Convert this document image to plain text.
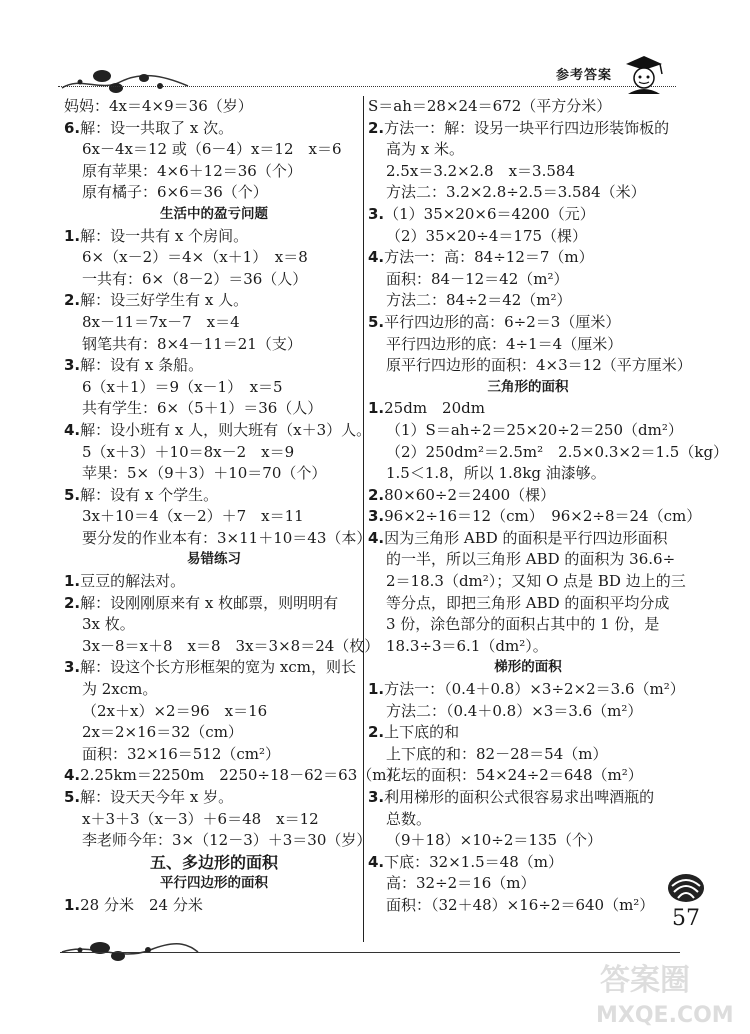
参考答案
妈妈：4x＝4×9＝36（岁）
6.解：设一共取了 x 次。
6x－4x＝12 或（6－4）x＝12　x＝6
原有苹果：4×6＋12＝36（个）
原有橘子：6×6＝36（个）
生活中的盈亏问题
1.解：设一共有 x 个房间。
6×（x－2）＝4×（x＋1）　x＝8
一共有：6×（8－2）＝36（人）
2.解：设三好学生有 x 人。
8x－11＝7x－7　x＝4
钢笔共有：8×4－11＝21（支）
3.解：设有 x 条船。
6（x＋1）＝9（x－1）　x＝5
共有学生：6×（5＋1）＝36（人）
4.解：设小班有 x 人，则大班有（x＋3）人。
5（x＋3）＋10＝8x－2　x＝9
苹果：5×（9＋3）＋10＝70（个）
5.解：设有 x 个学生。
3x＋10＝4（x－2）＋7　x＝11
要分发的作业本有：3×11＋10＝43（本）
易错练习
1.豆豆的解法对。
2.解：设刚刚原来有 x 枚邮票，则明明有
3x 枚。
3x－8＝x＋8　x＝8　3x＝3×8＝24（枚）
3.解：设这个长方形框架的宽为 xcm，则长
为 2xcm。
（2x＋x）×2＝96　x＝16
2x＝2×16＝32（cm）
面积：32×16＝512（cm²）
4.2.25km＝2250m　2250÷18－62＝63（m）
5.解：设天天今年 x 岁。
x＋3＋3（x－3）＋6＝48　x＝12
李老师今年：3×（12－3）＋3＝30（岁）
五、多边形的面积
平行四边形的面积
1.28 分米　24 分米
S＝ah＝28×24＝672（平方分米）
2.方法一：解：设另一块平行四边形装饰板的
高为 x 米。
2.5x＝3.2×2.8　x＝3.584
方法二：3.2×2.8÷2.5＝3.584（米）
3.（1）35×20×6＝4200（元）
（2）35×20÷4＝175（棵）
4.方法一：高：84÷12＝7（m）
面积：84－12＝42（m²）
方法二：84÷2＝42（m²）
5.平行四边形的高：6÷2＝3（厘米）
平行四边形的底：4÷1＝4（厘米）
原平行四边形的面积：4×3＝12（平方厘米）
三角形的面积
1.25dm　20dm
（1）S＝ah÷2＝25×20÷2＝250（dm²）
（2）250dm²＝2.5m²　2.5×0.3×2＝1.5（kg）
1.5＜1.8，所以 1.8kg 油漆够。
2.80×60÷2＝2400（棵）
3.96×2÷16＝12（cm）　96×2÷8＝24（cm）
4.因为三角形 ABD 的面积是平行四边形面积
的一半，所以三角形 ABD 的面积为 36.6÷
2＝18.3（dm²）；又知 O 点是 BD 边上的三
等分点，即把三角形 ABD 的面积平均分成
3 份，涂色部分的面积占其中的 1 份，是
18.3÷3＝6.1（dm²）。
梯形的面积
1.方法一：（0.4＋0.8）×3÷2×2＝3.6（m²）
方法二：（0.4＋0.8）×3＝3.6（m²）
2.上下底的和
上下底的和：82－28＝54（m）
花坛的面积：54×24÷2＝648（m²）
3.利用梯形的面积公式很容易求出啤酒瓶的
总数。
（9＋18）×10÷2＝135（个）
4.下底：32×1.5＝48（m）
高：32÷2＝16（m）
面积：（32＋48）×16÷2＝640（m²）
57
答案圈
MXQE.COM
